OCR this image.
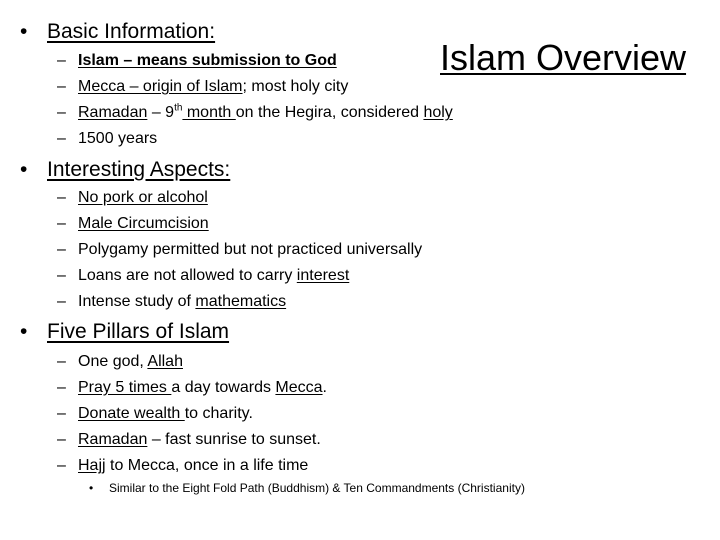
Islam Overview
• Basic Information:
– Islam – means submission to God
– Mecca – origin of Islam; most holy city
– Ramadan – 9th month on the Hegira, considered holy
– 1500 years
• Interesting Aspects:
– No pork or alcohol
– Male Circumcision
– Polygamy permitted but not practiced universally
– Loans are not allowed to carry interest
– Intense study of mathematics
• Five Pillars of Islam
– One god, Allah
– Pray 5 times a day towards Mecca.
– Donate wealth to charity.
– Ramadan – fast sunrise to sunset.
– Hajj to Mecca, once in a life time
• Similar to the Eight Fold Path (Buddhism) & Ten Commandments (Christianity)
